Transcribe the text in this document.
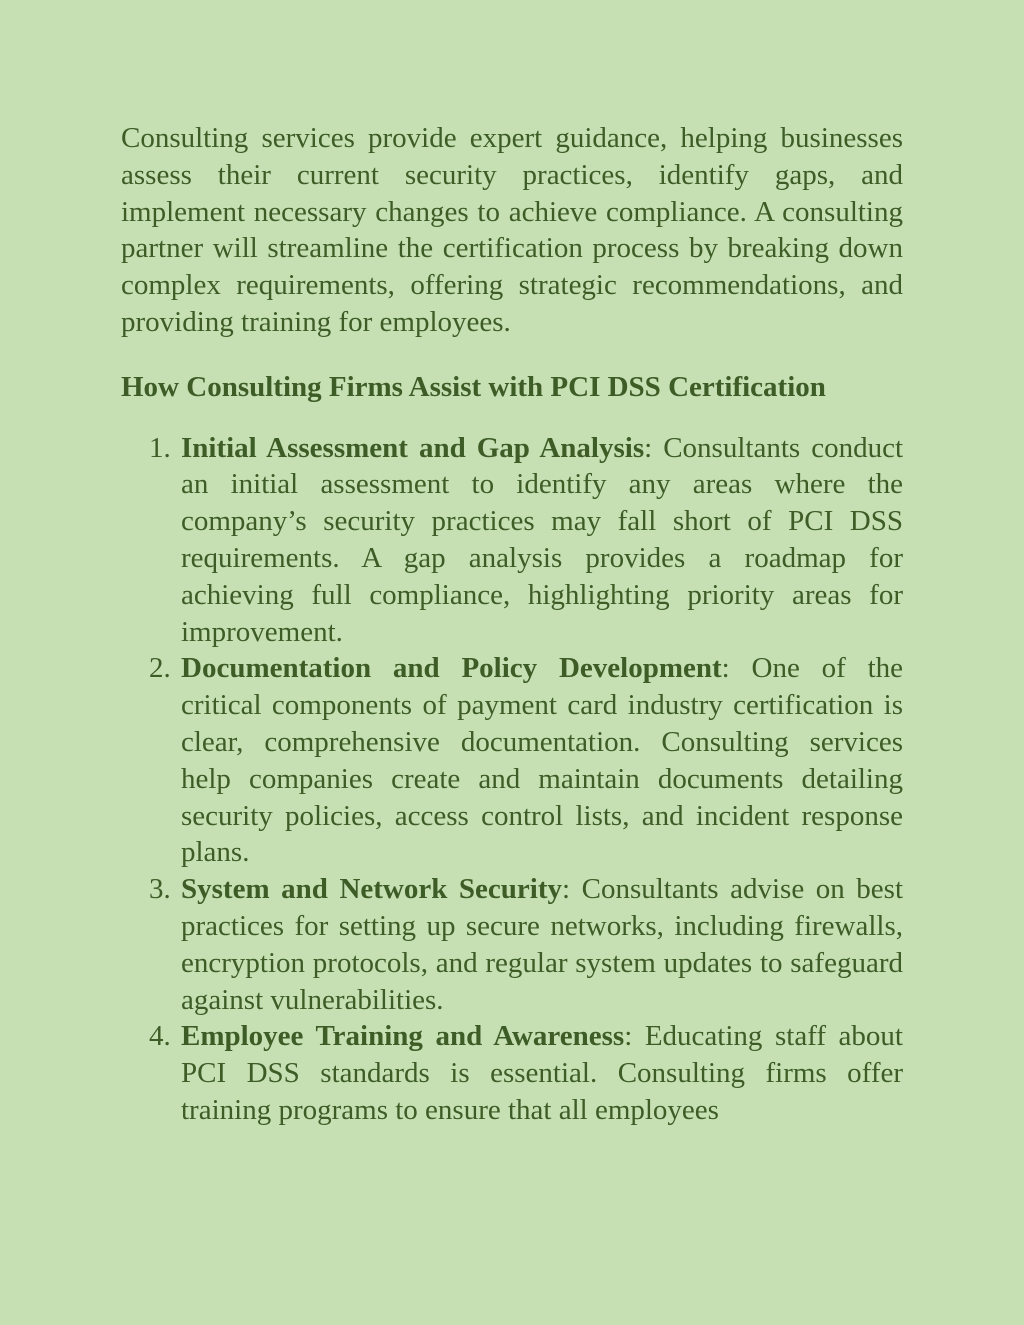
Consulting services provide expert guidance, helping businesses assess their current security practices, identify gaps, and implement necessary changes to achieve compliance. A consulting partner will streamline the certification process by breaking down complex requirements, offering strategic recommendations, and providing training for employees.

How Consulting Firms Assist with PCI DSS Certification
1. Initial Assessment and Gap Analysis: Consultants conduct an initial assessment to identify any areas where the company’s security practices may fall short of PCI DSS requirements. A gap analysis provides a roadmap for achieving full compliance, highlighting priority areas for improvement.
2. Documentation and Policy Development: One of the critical components of payment card industry certification is clear, comprehensive documentation. Consulting services help companies create and maintain documents detailing security policies, access control lists, and incident response plans.
3. System and Network Security: Consultants advise on best practices for setting up secure networks, including firewalls, encryption protocols, and regular system updates to safeguard against vulnerabilities.
4. Employee Training and Awareness: Educating staff about PCI DSS standards is essential. Consulting firms offer training programs to ensure that all employees
